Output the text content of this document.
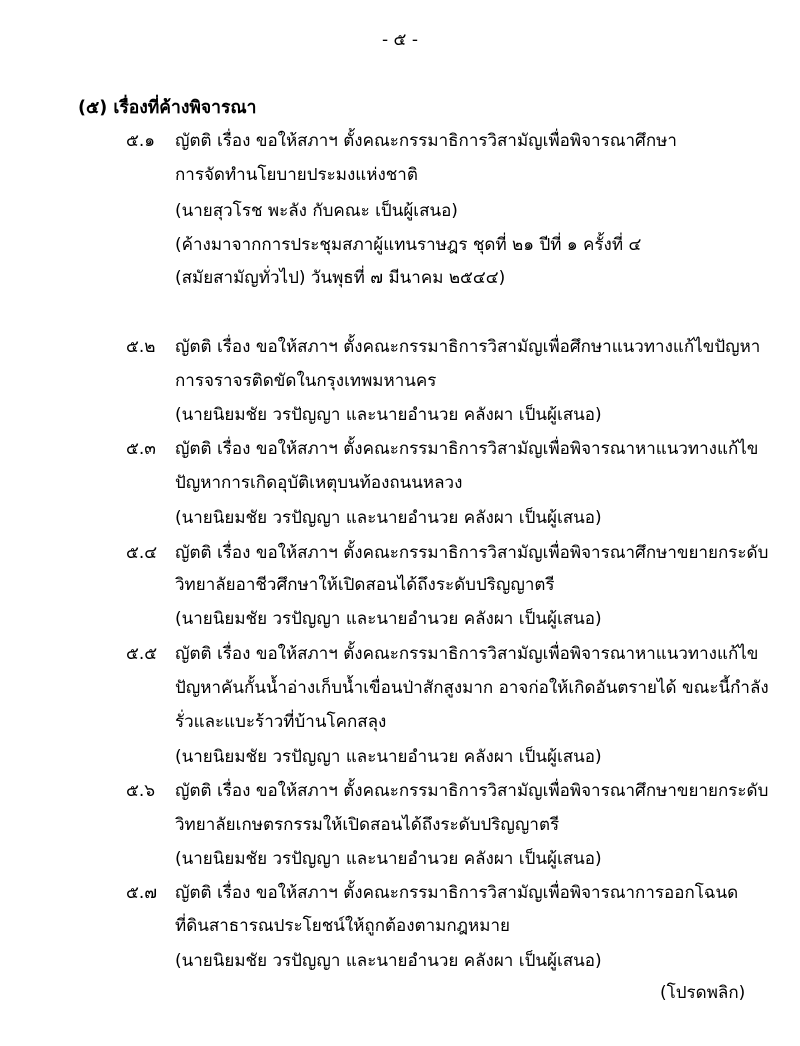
- ๕ -
(๕) เรื่องที่ค้างพิจารณา
๕.๑ ญัตติ เรื่อง ขอให้สภาฯ ตั้งคณะกรรมาธิการวิสามัญเพื่อพิจารณาศึกษา
การจัดทำนโยบายประมงแห่งชาติ
(นายสุวโรช พะลัง กับคณะ เป็นผู้เสนอ)
(ค้างมาจากการประชุมสภาผู้แทนราษฎร ชุดที่ ๒๑ ปีที่ ๑ ครั้งที่ ๔
(สมัยสามัญทั่วไป) วันพุธที่ ๗ มีนาคม ๒๕๔๔)
๕.๒ ญัตติ เรื่อง ขอให้สภาฯ ตั้งคณะกรรมาธิการวิสามัญเพื่อศึกษาแนวทางแก้ไขปัญหา
การจราจรติดขัดในกรุงเทพมหานคร
(นายนิยมชัย วรปัญญา และนายอำนวย คลังผา เป็นผู้เสนอ)
๕.๓ ญัตติ เรื่อง ขอให้สภาฯ ตั้งคณะกรรมาธิการวิสามัญเพื่อพิจารณาหาแนวทางแก้ไข
ปัญหาการเกิดอุบัติเหตุบนท้องถนนหลวง
(นายนิยมชัย วรปัญญา และนายอำนวย คลังผา เป็นผู้เสนอ)
๕.๔ ญัตติ เรื่อง ขอให้สภาฯ ตั้งคณะกรรมาธิการวิสามัญเพื่อพิจารณาศึกษาขยายกระดับ
วิทยาลัยอาชีวศึกษาให้เปิดสอนได้ถึงระดับปริญญาตรี
(นายนิยมชัย วรปัญญา และนายอำนวย คลังผา เป็นผู้เสนอ)
๕.๕ ญัตติ เรื่อง ขอให้สภาฯ ตั้งคณะกรรมาธิการวิสามัญเพื่อพิจารณาหาแนวทางแก้ไข
ปัญหาคันกั้นน้ำอ่างเก็บน้ำเขื่อนป่าสักสูงมาก อาจก่อให้เกิดอันตรายได้ ขณะนี้กำลัง
รั่วและแบะร้าวที่บ้านโคกสลุง
(นายนิยมชัย วรปัญญา และนายอำนวย คลังผา เป็นผู้เสนอ)
๕.๖ ญัตติ เรื่อง ขอให้สภาฯ ตั้งคณะกรรมาธิการวิสามัญเพื่อพิจารณาศึกษาขยายกระดับ
วิทยาลัยเกษตรกรรมให้เปิดสอนได้ถึงระดับปริญญาตรี
(นายนิยมชัย วรปัญญา และนายอำนวย คลังผา เป็นผู้เสนอ)
๕.๗ ญัตติ เรื่อง ขอให้สภาฯ ตั้งคณะกรรมาธิการวิสามัญเพื่อพิจารณาการออกโฉนด
ที่ดินสาธารณประโยชน์ให้ถูกต้องตามกฎหมาย
(นายนิยมชัย วรปัญญา และนายอำนวย คลังผา เป็นผู้เสนอ)
(โปรดพลิก)
